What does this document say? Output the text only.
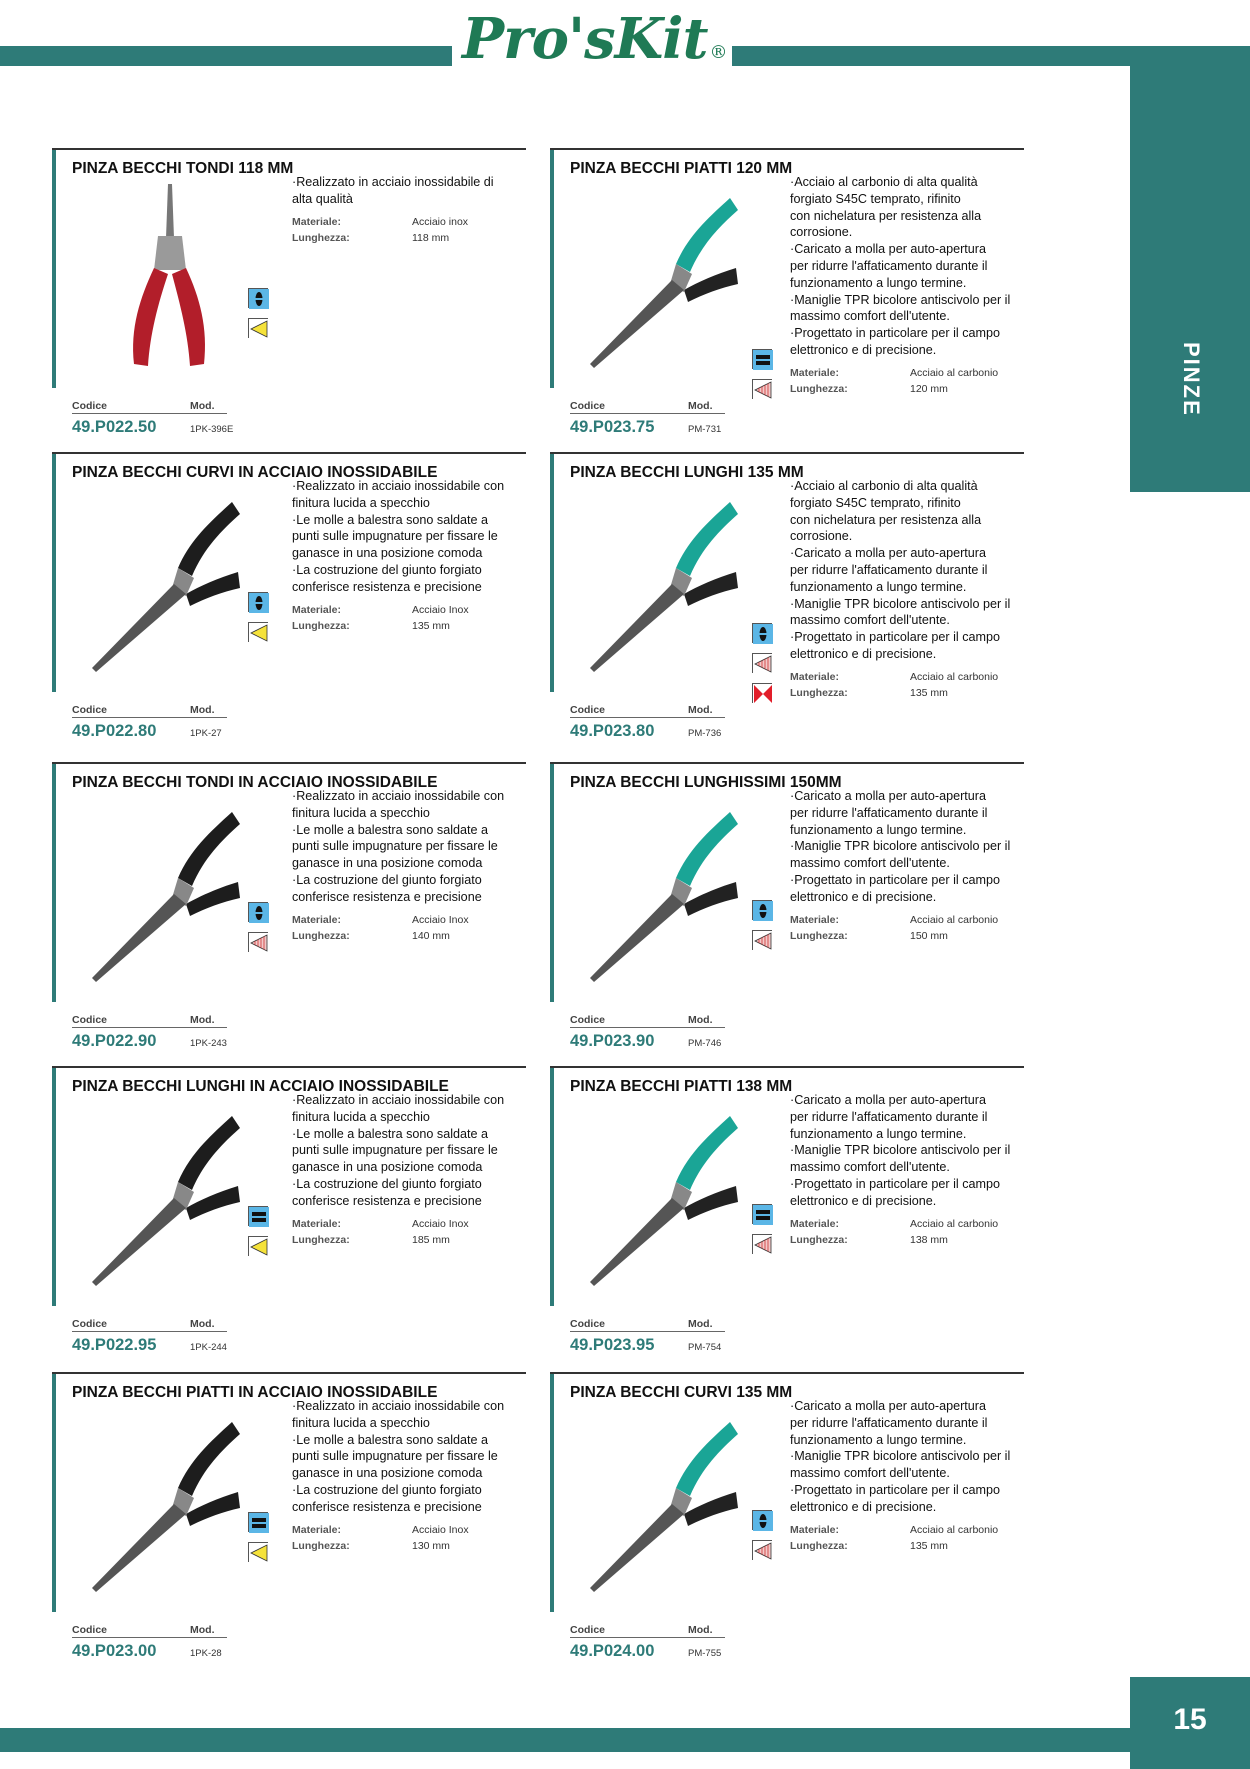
Pro'sKit ®
PINZE
PINZA BECCHI TONDI 118 MM
·Realizzato in acciaio inossidabile di
alta qualità
Materiale:	Acciaio inox
Lunghezza:	118 mm
Codice	Mod.
49.P022.50	1PK-396E
PINZA BECCHI PIATTI 120 MM
·Acciaio al carbonio di alta qualità
forgiato S45C temprato, rifinito
con nichelatura per resistenza alla
corrosione.
·Caricato a molla per auto-apertura
per ridurre l'affaticamento durante il
funzionamento a lungo termine.
·Maniglie TPR bicolore antiscivolo per il
massimo comfort dell'utente.
·Progettato in particolare per il campo
elettronico e di precisione.
Materiale:	Acciaio al carbonio
Lunghezza:	120 mm
Codice	Mod.
49.P023.75	PM-731
PINZA BECCHI CURVI IN ACCIAIO INOSSIDABILE
·Realizzato in acciaio inossidabile con
finitura lucida a specchio
·Le molle a balestra sono saldate a
punti sulle impugnature per fissare le
ganasce in una posizione comoda
·La costruzione del giunto forgiato
conferisce resistenza e precisione
Materiale:	Acciaio Inox
Lunghezza:	135 mm
Codice	Mod.
49.P022.80	1PK-27
PINZA BECCHI LUNGHI 135 MM
·Acciaio al carbonio di alta qualità
forgiato S45C temprato, rifinito
con nichelatura per resistenza alla
corrosione.
·Caricato a molla per auto-apertura
per ridurre l'affaticamento durante il
funzionamento a lungo termine.
·Maniglie TPR bicolore antiscivolo per il
massimo comfort dell'utente.
·Progettato in particolare per il campo
elettronico e di precisione.
Materiale:	Acciaio al carbonio
Lunghezza:	135 mm
Codice	Mod.
49.P023.80	PM-736
PINZA BECCHI TONDI IN ACCIAIO INOSSIDABILE
·Realizzato in acciaio inossidabile con
finitura lucida a specchio
·Le molle a balestra sono saldate a
punti sulle impugnature per fissare le
ganasce in una posizione comoda
·La costruzione del giunto forgiato
conferisce resistenza e precisione
Materiale:	Acciaio Inox
Lunghezza:	140 mm
Codice	Mod.
49.P022.90	1PK-243
PINZA BECCHI LUNGHISSIMI 150MM
·Caricato a molla per auto-apertura
per ridurre l'affaticamento durante il
funzionamento a lungo termine.
·Maniglie TPR bicolore antiscivolo per il
massimo comfort dell'utente.
·Progettato in particolare per il campo
elettronico e di precisione.
Materiale:	Acciaio al carbonio
Lunghezza:	150 mm
Codice	Mod.
49.P023.90	PM-746
PINZA BECCHI LUNGHI IN ACCIAIO INOSSIDABILE
·Realizzato in acciaio inossidabile con
finitura lucida a specchio
·Le molle a balestra sono saldate a
punti sulle impugnature per fissare le
ganasce in una posizione comoda
·La costruzione del giunto forgiato
conferisce resistenza e precisione
Materiale:	Acciaio Inox
Lunghezza:	185 mm
Codice	Mod.
49.P022.95	1PK-244
PINZA BECCHI PIATTI 138 MM
·Caricato a molla per auto-apertura
per ridurre l'affaticamento durante il
funzionamento a lungo termine.
·Maniglie TPR bicolore antiscivolo per il
massimo comfort dell'utente.
·Progettato in particolare per il campo
elettronico e di precisione.
Materiale:	Acciaio al carbonio
Lunghezza:	138 mm
Codice	Mod.
49.P023.95	PM-754
PINZA BECCHI PIATTI IN ACCIAIO INOSSIDABILE
·Realizzato in acciaio inossidabile con
finitura lucida a specchio
·Le molle a balestra sono saldate a
punti sulle impugnature per fissare le
ganasce in una posizione comoda
·La costruzione del giunto forgiato
conferisce resistenza e precisione
Materiale:	Acciaio Inox
Lunghezza:	130 mm
Codice	Mod.
49.P023.00	1PK-28
PINZA BECCHI CURVI 135 MM
·Caricato a molla per auto-apertura
per ridurre l'affaticamento durante il
funzionamento a lungo termine.
·Maniglie TPR bicolore antiscivolo per il
massimo comfort dell'utente.
·Progettato in particolare per il campo
elettronico e di precisione.
Materiale:	Acciaio al carbonio
Lunghezza:	135 mm
Codice	Mod.
49.P024.00	PM-755
15
